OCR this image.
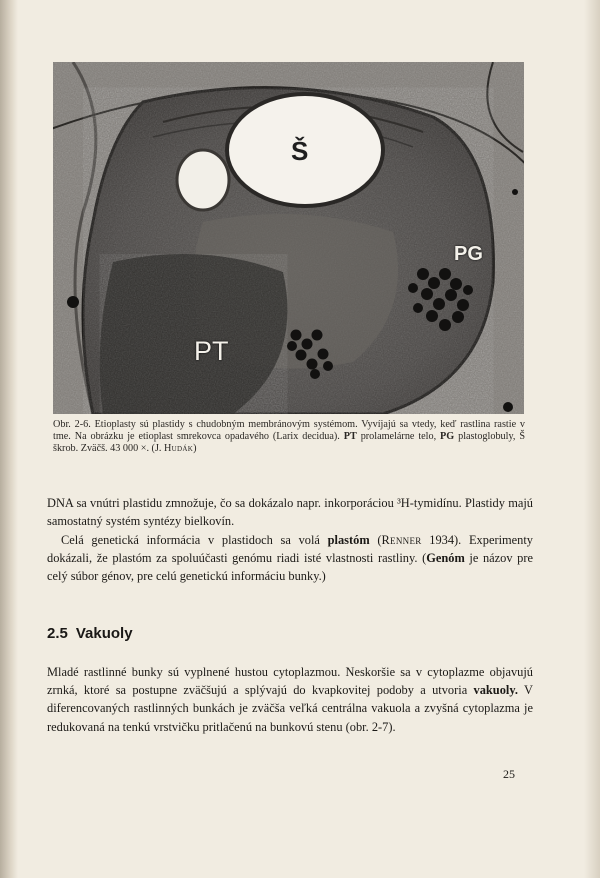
Š
PG
PT
Obr. 2-6. Etioplasty sú plastidy s chudobným membránovým systémom. Vyvíjajú sa vtedy, keď rastlina rastie v tme. Na obrázku je etioplast smrekovca opadavého (Larix decidua). PT prolamelárne telo, PG plastoglobuly, Š škrob. Zväčš. 43 000 ×. (J. Hudák)

DNA sa vnútri plastidu zmnožuje, čo sa dokázalo napr. inkorporáciou ³H-tymidínu. Plastidy majú samostatný systém syntézy bielkovín.

Celá genetická informácia v plastidoch sa volá plastóm (Renner 1934). Experimenty dokázali, že plastóm za spoluúčasti genómu riadi isté vlastnosti rastliny. (Genóm je názov pre celý súbor génov, pre celú genetickú informáciu bunky.)

2.5 Vakuoly

Mladé rastlinné bunky sú vyplnené hustou cytoplazmou. Neskoršie sa v cytoplazme objavujú zrnká, ktoré sa postupne zväčšujú a splývajú do kvapkovitej podoby a utvoria vakuoly. V diferencovaných rastlinných bunkách je zväčša veľká centrálna vakuola a zvyšná cytoplazma je redukovaná na tenkú vrstvičku pritlačenú na bunkovú stenu (obr. 2-7).

25
